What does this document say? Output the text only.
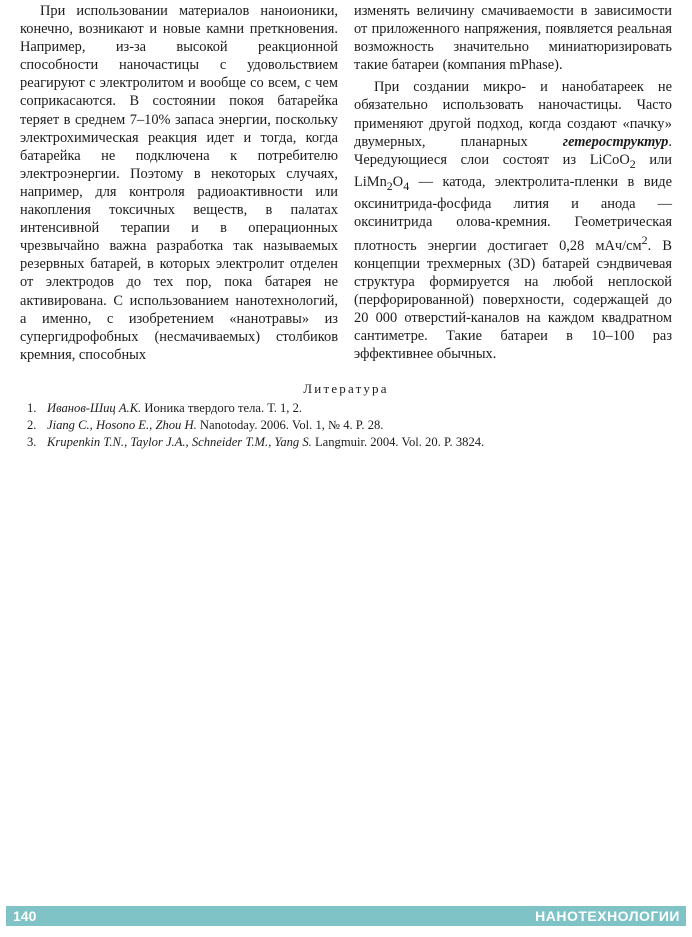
При использовании материалов наноионики, конечно, возникают и новые камни преткновения. Например, из-за высокой реакционной способности наночастицы с удовольствием реагируют с электролитом и вообще со всем, с чем соприкасаются. В состоянии покоя батарейка теряет в среднем 7–10% запаса энергии, поскольку электрохимическая реакция идет и тогда, когда батарейка не подключена к потребителю электроэнергии. Поэтому в некоторых случаях, например, для контроля радиоактивности или накопления токсичных веществ, в палатах интенсивной терапии и в операционных чрезвычайно важна разработка так называемых резервных батарей, в которых электролит отделен от электродов до тех пор, пока батарея не активирована. С использованием нанотехнологий, а именно, с изобретением «нанотравы» из супергидрофобных (несмачиваемых) столбиков кремния, способных

изменять величину смачиваемости в зависимости от приложенного напряжения, появляется реальная возможность значительно миниатюризировать такие батареи (компания mPhase).

При создании микро- и нанобатареек не обязательно использовать наночастицы. Часто применяют другой подход, когда создают «пачку» двумерных, планарных гетероструктур. Чередующиеся слои состоят из LiCoO$_2$ или $LiMn_2O_4$ — катода, электролита-пленки в виде оксинитрида-фосфида лития и анода — оксинитрида олова-кремния. Геометрическая плотность энергии достигает 0,28 мАч/$см^2$. В концепции трехмерных (3D) батарей сэндвичевая структура формируется на любой неплоской (перфорированной) поверхности, содержащей до 20 000 отверстий-каналов на каждом квадратном сантиметре. Такие батареи в 10–100 раз эффективнее обычных.

Литература
1. Иванов-Шиц А.К. Ионика твердого тела. Т. 1, 2.
2. Jiang C., Hosono E., Zhou H. Nanotoday. 2006. Vol. 1, № 4. P. 28.
3. Krupenkin T.N., Taylor J.A., Schneider T.M., Yang S. Langmuir. 2004. Vol. 20. P. 3824.
140	НАНОТЕХНОЛОГИИ
